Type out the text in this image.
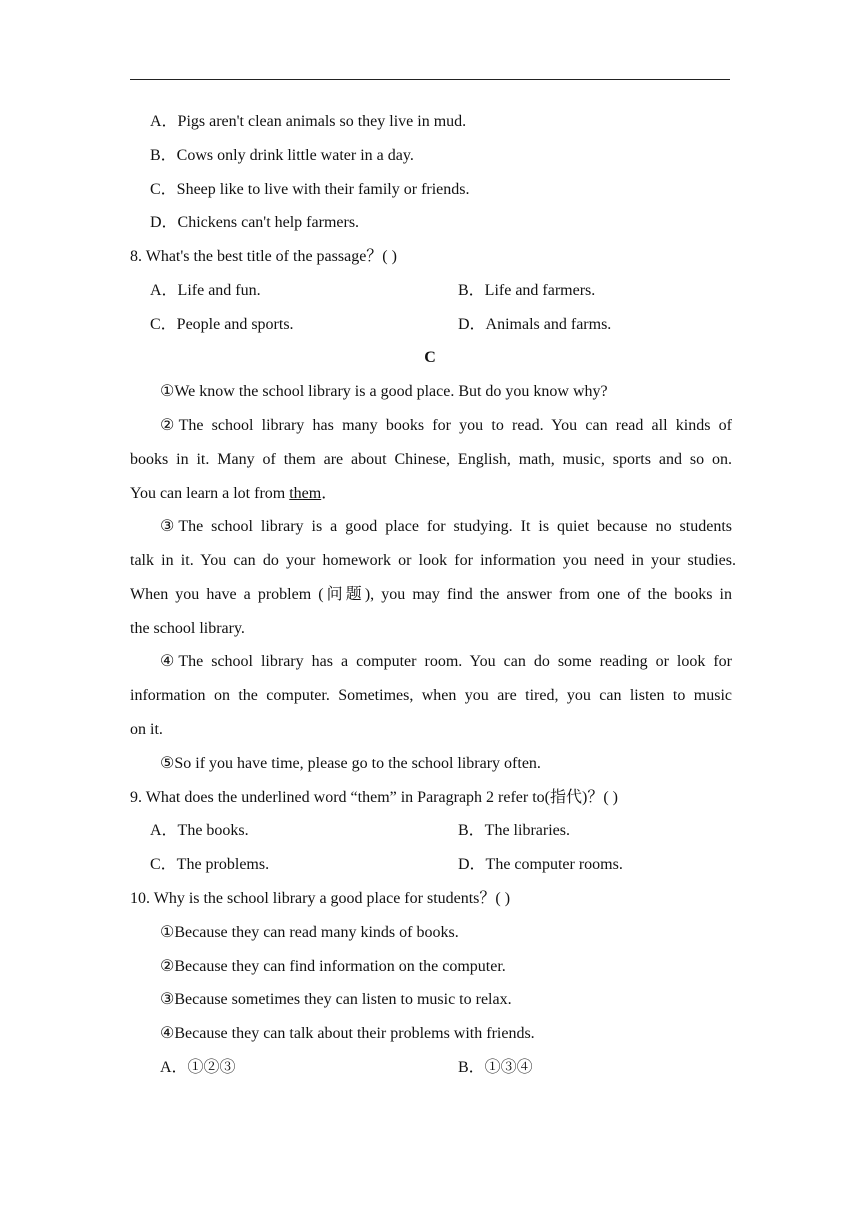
A．Pigs aren't clean animals so they live in mud.
B．Cows only drink little water in a day.
C．Sheep like to live with their family or friends.
D．Chickens can't help farmers.
8. What's the best title of the passage？( )
A．Life and fun.	B．Life and farmers.
C．People and sports.	D．Animals and farms.
C
①We know the school library is a good place. But do you know why?
②The school library has many books for you to read. You can read all kinds of
books in it. Many of them are about Chinese, English, math, music, sports and so on.
You can learn a lot from them．
③The school library is a good place for studying. It is quiet because no students
talk in it. You can do your homework or look for information you need in your studies.
When you have a problem (问题), you may find the answer from one of the books in
the school library.
④The school library has a computer room. You can do some reading or look for
information on the computer. Sometimes, when you are tired, you can listen to music
on it.
⑤So if you have time, please go to the school library often.
9. What does the underlined word “them” in Paragraph 2 refer to(指代)？( )
A．The books.	B．The libraries.
C．The problems.	D．The computer rooms.
10. Why is the school library a good place for students？( )
①Because they can read many kinds of books.
②Because they can find information on the computer.
③Because sometimes they can listen to music to relax.
④Because they can talk about their problems with friends.
A．①②③	B．①③④
